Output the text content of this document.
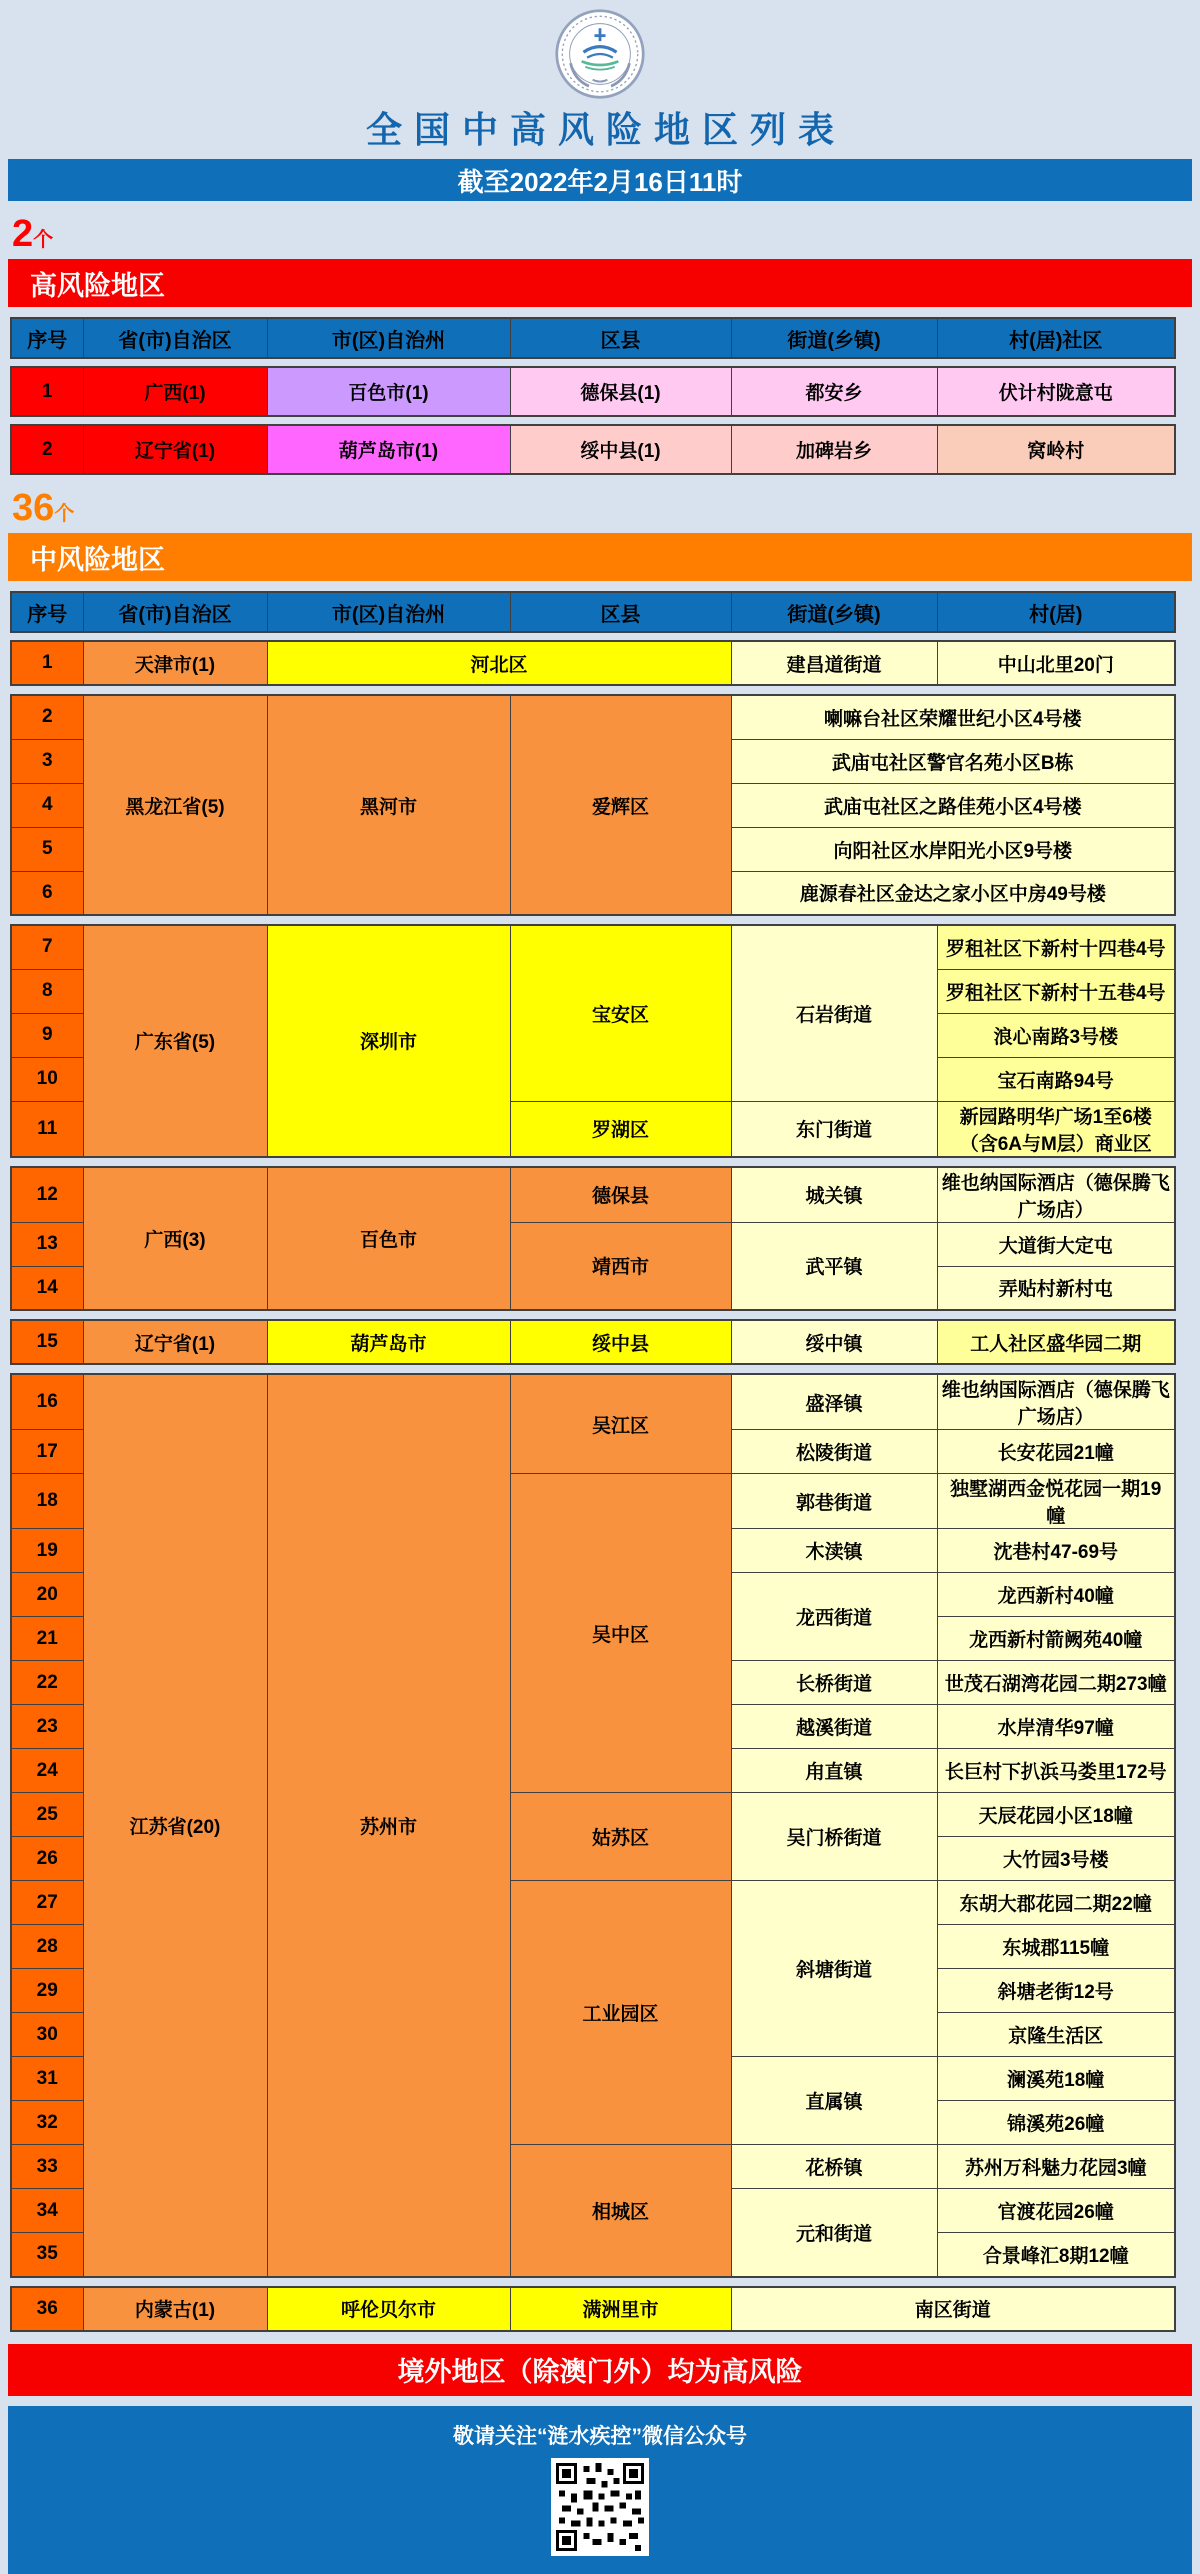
全国中高风险地区列表
截至2022年2月16日11时
2个
高风险地区
序号	省(市)自治区	市(区)自治州	区县	街道(乡镇)	村(居)社区
1	广西(1)	百色市(1)	德保县(1)	都安乡	伏计村陇意屯
2	辽宁省(1)	葫芦岛市(1)	绥中县(1)	加碑岩乡	窝岭村
36个
中风险地区
序号	省(市)自治区	市(区)自治州	区县	街道(乡镇)	村(居)
1	天津市(1)	河北区	建昌道街道	中山北里20门
2	黑龙江省(5)	黑河市	爱辉区	喇嘛台社区荣耀世纪小区4号楼
3				武庙屯社区警官名苑小区B栋
4				武庙屯社区之路佳苑小区4号楼
5				向阳社区水岸阳光小区9号楼
6				鹿源春社区金达之家小区中房49号楼
7	广东省(5)	深圳市	宝安区	石岩街道	罗租社区下新村十四巷4号
8					罗租社区下新村十五巷4号
9					浪心南路3号楼
10					宝石南路94号
11			罗湖区	东门街道	新园路明华广场1至6楼（含6A与M层）商业区
12	广西(3)	百色市	德保县	城关镇	维也纳国际酒店（德保腾飞广场店）
13			靖西市	武平镇	大道街大定屯
14					弄贴村新村屯
15	辽宁省(1)	葫芦岛市	绥中县	绥中镇	工人社区盛华园二期
16	江苏省(20)	苏州市	吴江区	盛泽镇	维也纳国际酒店（德保腾飞广场店）
17				松陵街道	长安花园21幢
18			吴中区	郭巷街道	独墅湖西金悦花园一期19幢
19				木渎镇	沈巷村47-69号
20				龙西街道	龙西新村40幢
21					龙西新村箭阙苑40幢
22				长桥街道	世茂石湖湾花园二期273幢
23				越溪街道	水岸清华97幢
24				甪直镇	长巨村下扒浜马娄里172号
25			姑苏区	吴门桥街道	天辰花园小区18幢
26					大竹园3号楼
27			工业园区	斜塘街道	东胡大郡花园二期22幢
28					东城郡115幢
29					斜塘老街12号
30					京隆生活区
31				直属镇	澜溪苑18幢
32					锦溪苑26幢
33			相城区	花桥镇	苏州万科魅力花园3幢
34				元和街道	官渡花园26幢
35					合景峰汇8期12幢
36	内蒙古(1)	呼伦贝尔市	满洲里市	南区街道
境外地区（除澳门外）均为高风险
敬请关注“涟水疾控”微信公众号
